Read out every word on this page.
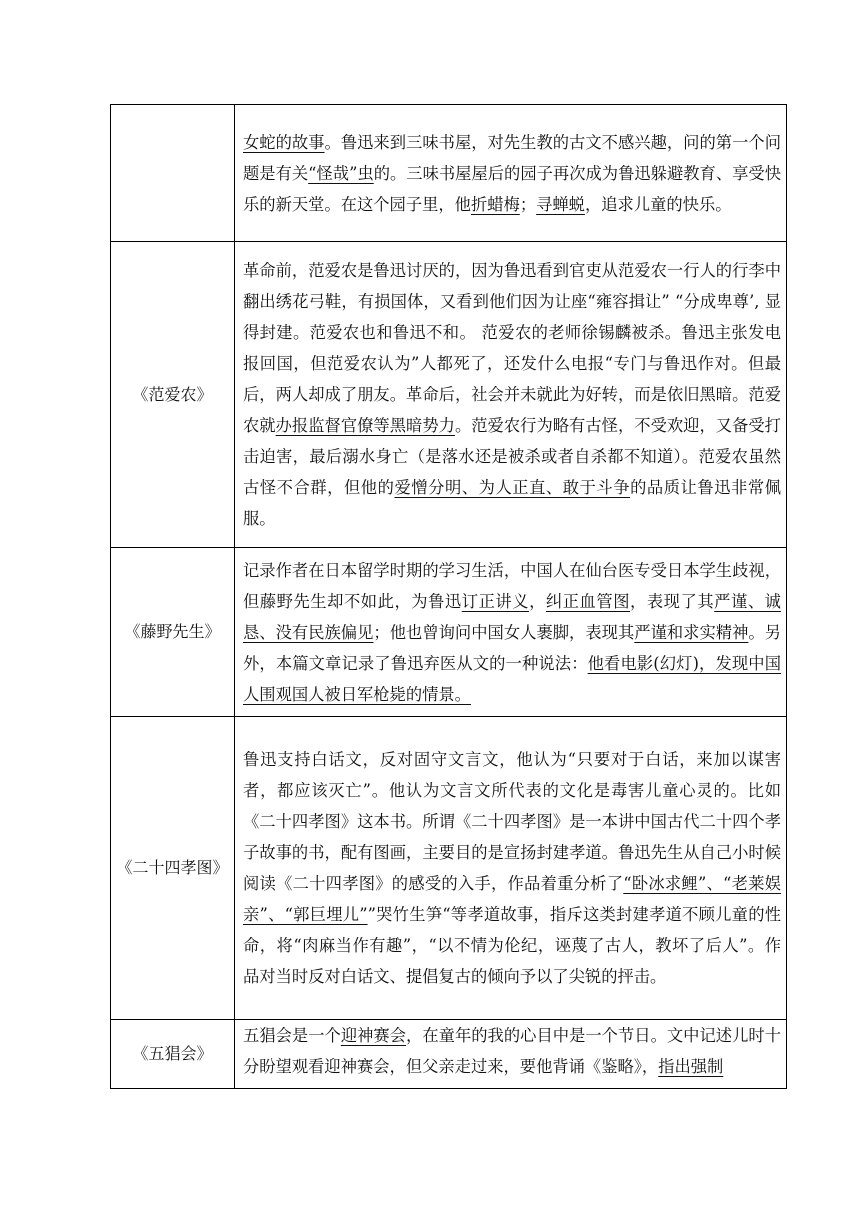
	女蛇的故事。鲁迅来到三味书屋，对先生教的古文不感兴趣，问的第一个问题是有关“怪哉”虫的。三味书屋屋后的园子再次成为鲁迅躲避教育、享受快乐的新天堂。在这个园子里，他折蜡梅；寻蝉蜕，追求儿童的快乐。
《范爱农》	革命前，范爱农是鲁迅讨厌的，因为鲁迅看到官吏从范爱农一行人的行李中翻出绣花弓鞋，有损国体，又看到他们因为让座“雍容揖让” “分成卑尊’, 显得封建。范爱农也和鲁迅不和。 范爱农的老师徐锡麟被杀。鲁迅主张发电报回国，但范爱农认为”人都死了，还发什么电报“专门与鲁迅作对。但最后，两人却成了朋友。革命后，社会并未就此为好转，而是依旧黑暗。范爱农就办报监督官僚等黑暗势力。范爱农行为略有古怪，不受欢迎，又备受打击迫害，最后溺水身亡（是落水还是被杀或者自杀都不知道）。范爱农虽然古怪不合群，但他的爱憎分明、为人正直、敢于斗争的品质让鲁迅非常佩服。
《藤野先生》	记录作者在日本留学时期的学习生活，中国人在仙台医专受日本学生歧视，但藤野先生却不如此，为鲁迅订正讲义，纠正血管图，表现了其严谨、诚恳、没有民族偏见；他也曾询问中国女人裹脚，表现其严谨和求实精神。另外，本篇文章记录了鲁迅弃医从文的一种说法：他看电影(幻灯)，发现中国人围观国人被日军枪毙的情景。
《二十四孝图》	鲁迅支持白话文，反对固守文言文，他认为“只要对于白话，来加以谋害者，都应该灭亡”。他认为文言文所代表的文化是毒害儿童心灵的。比如《二十四孝图》这本书。所谓《二十四孝图》是一本讲中国古代二十四个孝子故事的书，配有图画，主要目的是宣扬封建孝道。鲁迅先生从自己小时候阅读《二十四孝图》的感受的入手，作品着重分析了“卧冰求鲤”、“老莱娱亲”、“郭巨埋儿””哭竹生笋“等孝道故事，指斥这类封建孝道不顾儿童的性命，将“肉麻当作有趣”，“以不情为伦纪，诬蔑了古人，教坏了后人”。作品对当时反对白话文、提倡复古的倾向予以了尖锐的抨击。
《五猖会》	五猖会是一个迎神赛会，在童年的我的心目中是一个节日。文中记述儿时十分盼望观看迎神赛会，但父亲走过来，要他背诵《鉴略》，指出强制
